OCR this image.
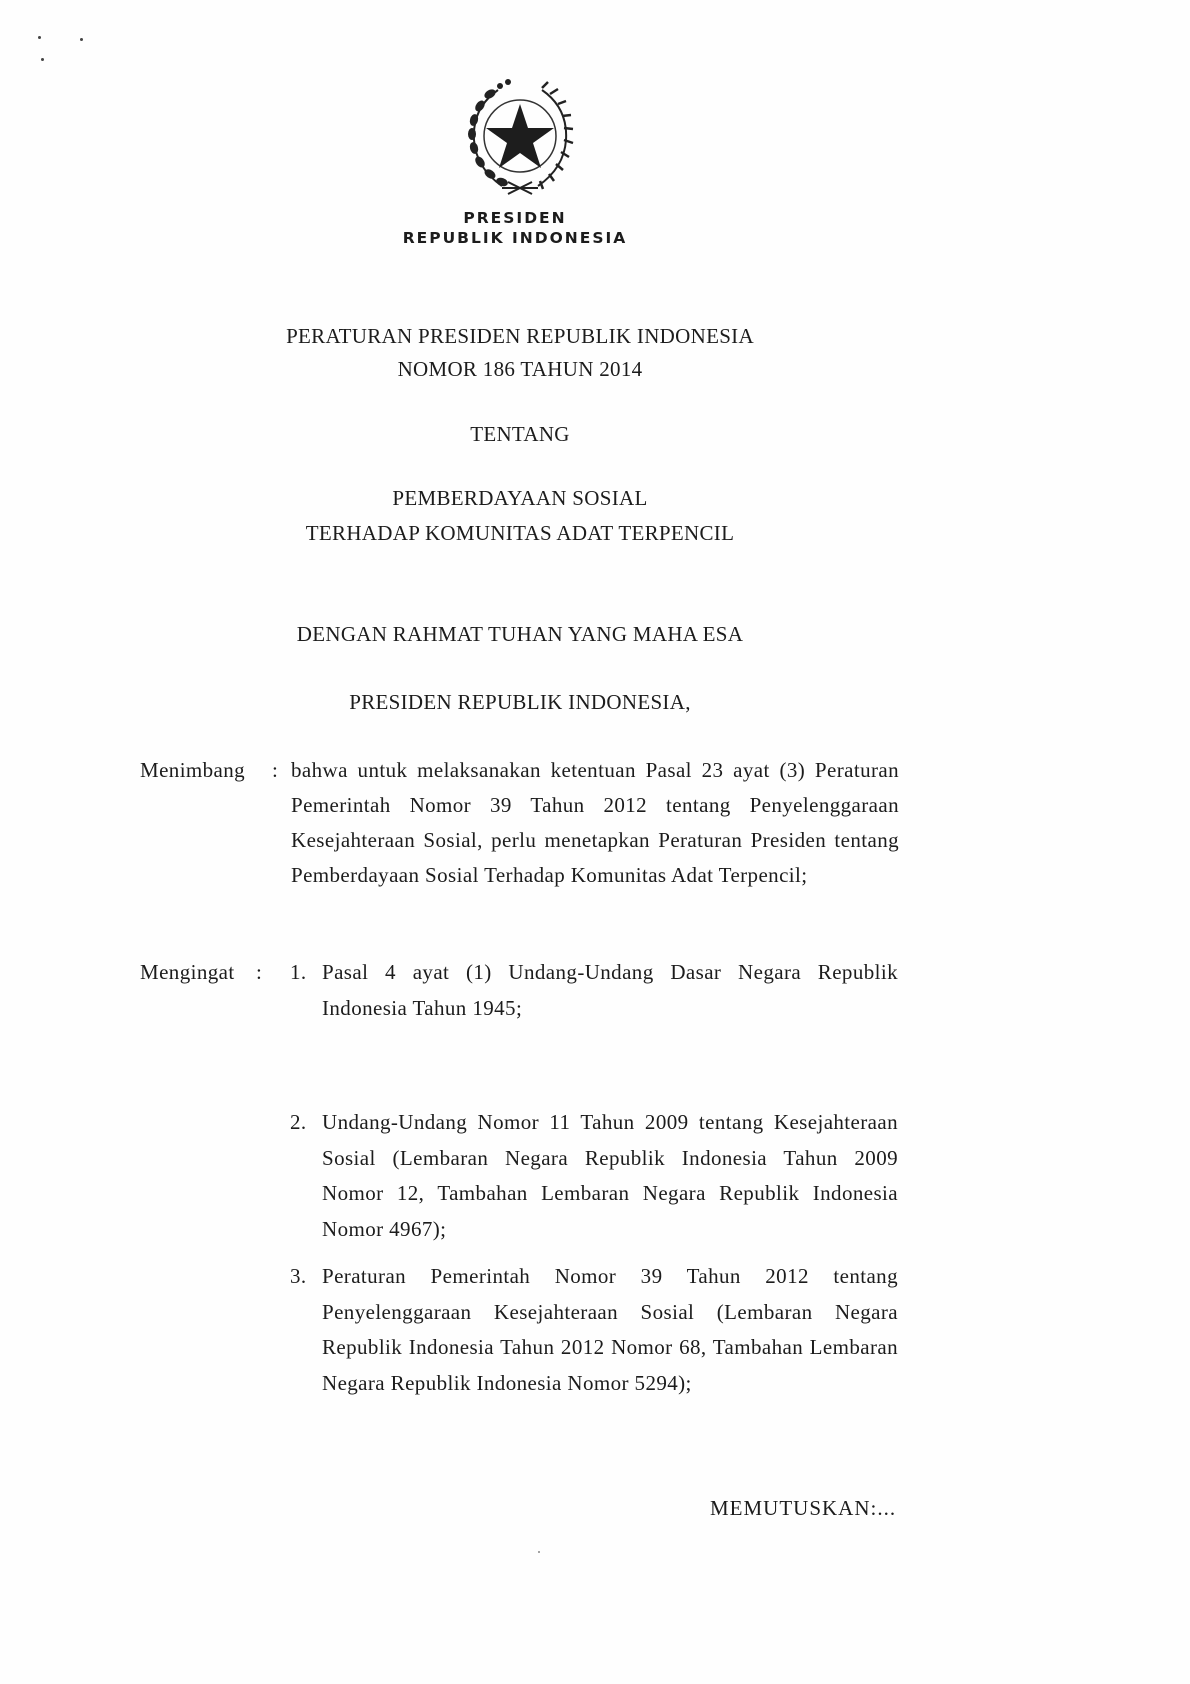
PRESIDEN
REPUBLIK INDONESIA
PERATURAN PRESIDEN REPUBLIK INDONESIA
NOMOR 186 TAHUN 2014
TENTANG
PEMBERDAYAAN SOSIAL
TERHADAP KOMUNITAS ADAT TERPENCIL
DENGAN RAHMAT TUHAN YANG MAHA ESA
PRESIDEN REPUBLIK INDONESIA,
Menimbang : bahwa untuk melaksanakan ketentuan Pasal 23 ayat (3) Peraturan Pemerintah Nomor 39 Tahun 2012 tentang Penyelenggaraan Kesejahteraan Sosial, perlu menetapkan Peraturan Presiden tentang Pemberdayaan Sosial Terhadap Komunitas Adat Terpencil;
Mengingat : 1. Pasal 4 ayat (1) Undang-Undang Dasar Negara Republik Indonesia Tahun 1945;
2. Undang-Undang Nomor 11 Tahun 2009 tentang Kesejahteraan Sosial (Lembaran Negara Republik Indonesia Tahun 2009 Nomor 12, Tambahan Lembaran Negara Republik Indonesia Nomor 4967);
3. Peraturan Pemerintah Nomor 39 Tahun 2012 tentang Penyelenggaraan Kesejahteraan Sosial (Lembaran Negara Republik Indonesia Tahun 2012 Nomor 68, Tambahan Lembaran Negara Republik Indonesia Nomor 5294);
MEMUTUSKAN:...
